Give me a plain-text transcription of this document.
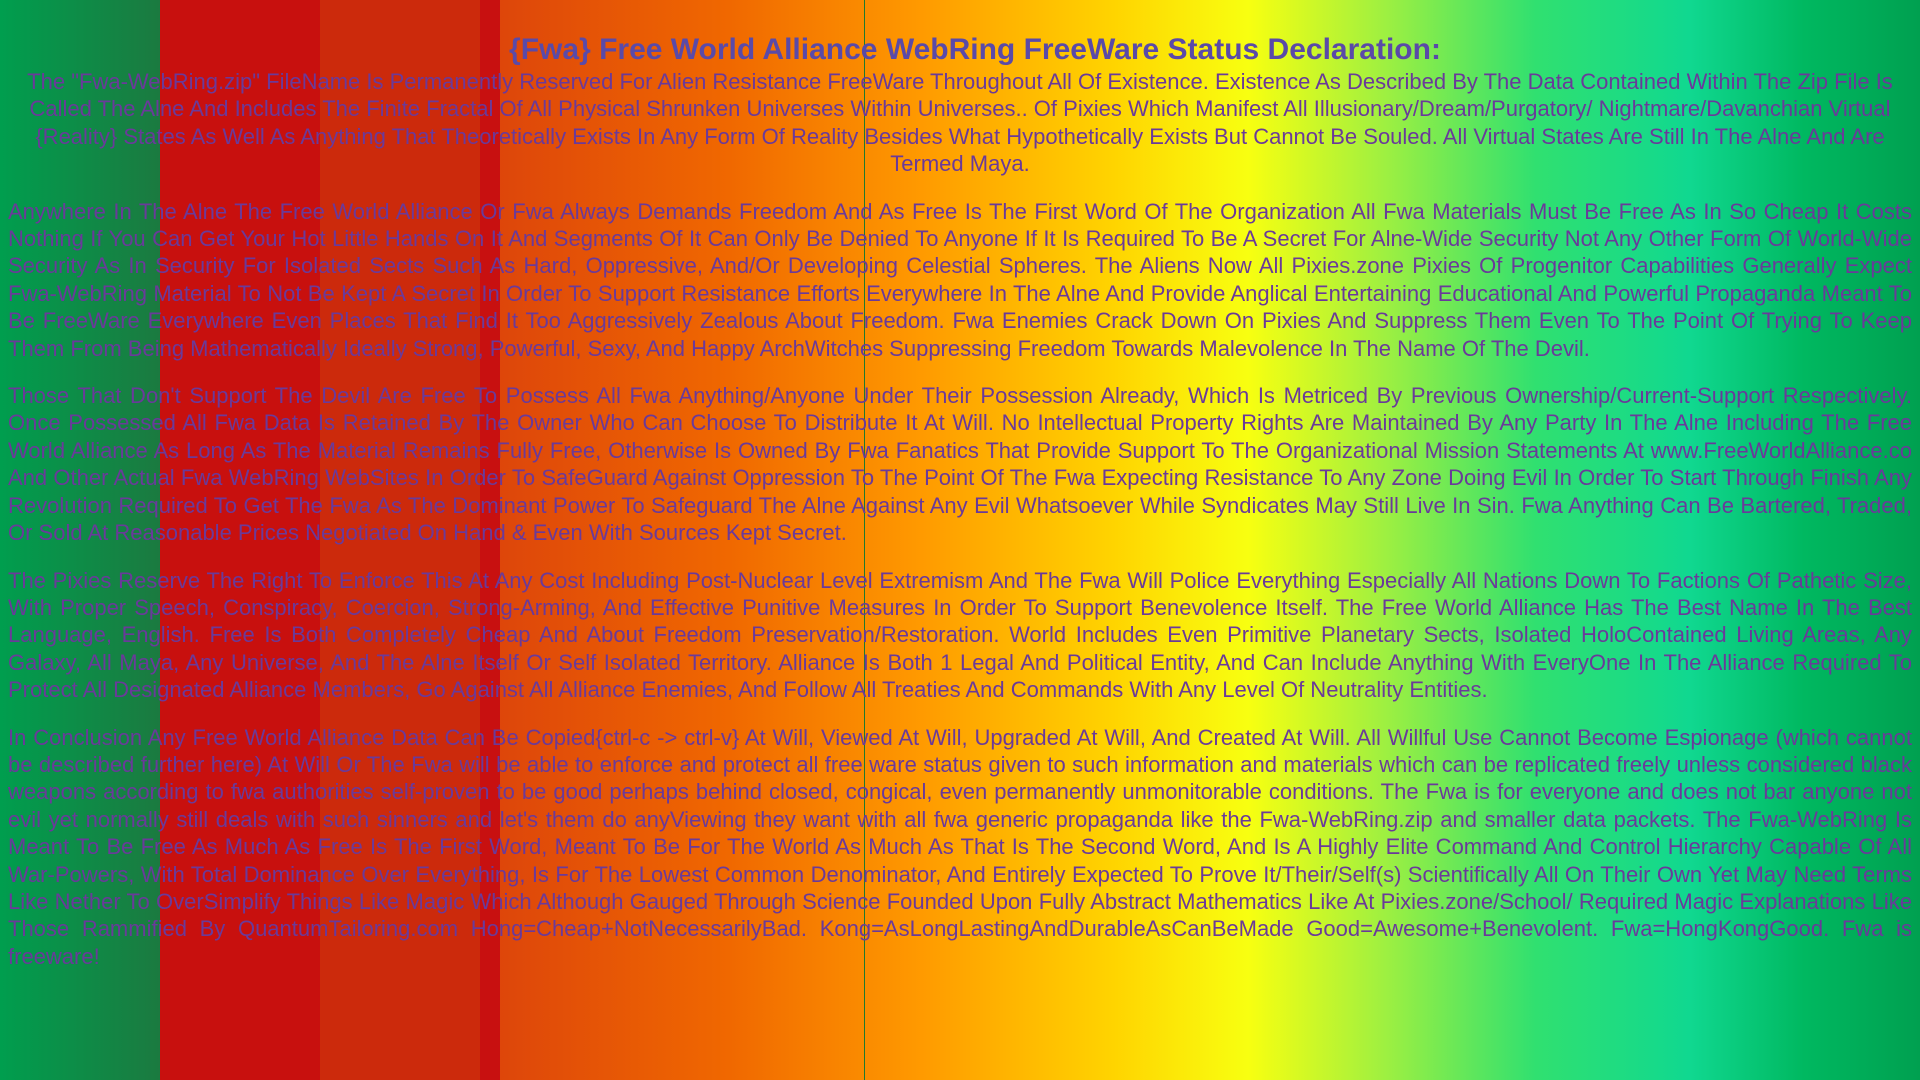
{Fwa} Free World Alliance WebRing FreeWare Status Declaration:

The "Fwa-WebRing.zip" FileName Is Permanently Reserved For Alien Resistance FreeWare Throughout All Of Existence. Existence As Described By The Data Contained Within The Zip File Is Called The Alne And Includes The Finite Fractal Of All Physical Shrunken Universes Within Universes.. Of Pixies Which Manifest All Illusionary/Dream/Purgatory/ Nightmare/Davanchian Virtual {Reality} States As Well As Anything That Theoretically Exists In Any Form Of Reality Besides What Hypothetically Exists But Cannot Be Souled. All Virtual States Are Still In The Alne And Are Termed Maya.

Anywhere In The Alne The Free World Alliance Or Fwa Always Demands Freedom And As Free Is The First Word Of The Organization All Fwa Materials Must Be Free As In So Cheap It Costs Nothing If You Can Get Your Hot Little Hands On It And Segments Of It Can Only Be Denied To Anyone If It Is Required To Be A Secret For Alne-Wide Security Not Any Other Form Of World-Wide Security As In Security For Isolated Sects Such As Hard, Oppressive, And/Or Developing Celestial Spheres. The Aliens Now All Pixies.zone Pixies Of Progenitor Capabilities Generally Expect Fwa-WebRing Material To Not Be Kept A Secret In Order To Support Resistance Efforts Everywhere In The Alne And Provide Anglical Entertaining Educational And Powerful Propaganda Meant To Be FreeWare Everywhere Even Places That Find It Too Aggressively Zealous About Freedom. Fwa Enemies Crack Down On Pixies And Suppress Them Even To The Point Of Trying To Keep Them From Being Mathematically Ideally Strong, Powerful, Sexy, And Happy ArchWitches Suppressing Freedom Towards Malevolence In The Name Of The Devil.

Those That Don't Support The Devil Are Free To Possess All Fwa Anything/Anyone Under Their Possession Already, Which Is Metriced By Previous Ownership/Current-Support Respectively. Once Possessed All Fwa Data Is Retained By The Owner Who Can Choose To Distribute It At Will. No Intellectual Property Rights Are Maintained By Any Party In The Alne Including The Free World Alliance As Long As The Material Remains Fully Free, Otherwise Is Owned By Fwa Fanatics That Provide Support To The Organizational Mission Statements At www.FreeWorldAlliance.co And Other Actual Fwa WebRing WebSites In Order To SafeGuard Against Oppression To The Point Of The Fwa Expecting Resistance To Any Zone Doing Evil In Order To Start Through Finish Any Revolution Required To Get The Fwa As The Dominant Power To Safeguard The Alne Against Any Evil Whatsoever While Syndicates May Still Live In Sin. Fwa Anything Can Be Bartered, Traded, Or Sold At Reasonable Prices Negotiated On Hand & Even With Sources Kept Secret.

The Pixies Reserve The Right To Enforce This At Any Cost Including Post-Nuclear Level Extremism And The Fwa Will Police Everything Especially All Nations Down To Factions Of Pathetic Size, With Proper Speech, Conspiracy, Coercion, Strong-Arming, And Effective Punitive Measures In Order To Support Benevolence Itself. The Free World Alliance Has The Best Name In The Best Language, English. Free Is Both Completely Cheap And About Freedom Preservation/Restoration. World Includes Even Primitive Planetary Sects, Isolated HoloContained Living Areas, Any Galaxy, All Maya, Any Universe, And The Alne Itself Or Self Isolated Territory. Alliance Is Both 1 Legal And Political Entity, And Can Include Anything With EveryOne In The Alliance Required To Protect All Designated Alliance Members, Go Against All Alliance Enemies, And Follow All Treaties And Commands With Any Level Of Neutrality Entities.

In Conclusion Any Free World Alliance Data Can Be Copied{ctrl-c -> ctrl-v} At Will, Viewed At Will, Upgraded At Will, And Created At Will. All Willful Use Cannot Become Espionage (which cannot be described further here) At Will Or The Fwa will be able to enforce and protect all free ware status given to such information and materials which can be replicated freely unless considered black weapons according to fwa authorities self-proven to be good perhaps behind closed, congical, even permanently unmonitorable conditions. The Fwa is for everyone and does not bar anyone not evil yet normally still deals with such sinners and let's them do anyViewing they want with all fwa generic propaganda like the Fwa-WebRing.zip and smaller data packets. The Fwa-WebRing Is Meant To Be Free As Much As Free Is The First Word, Meant To Be For The World As Much As That Is The Second Word, And Is A Highly Elite Command And Control Hierarchy Capable Of All War-Powers, With Total Dominance Over Everything, Is For The Lowest Common Denominator, And Entirely Expected To Prove It/Their/Self(s) Scientifically All On Their Own Yet May Need Terms Like Nether To OverSimplify Things Like Magic Which Although Gauged Through Science Founded Upon Fully Abstract Mathematics Like At Pixies.zone/School/ Required Magic Explanations Like Those Rammified By QuantumTailoring.com Hong=Cheap+NotNecessarilyBad. Kong=AsLongLastingAndDurableAsCanBeMade Good=Awesome+Benevolent. Fwa=HongKongGood. Fwa is freeware!
